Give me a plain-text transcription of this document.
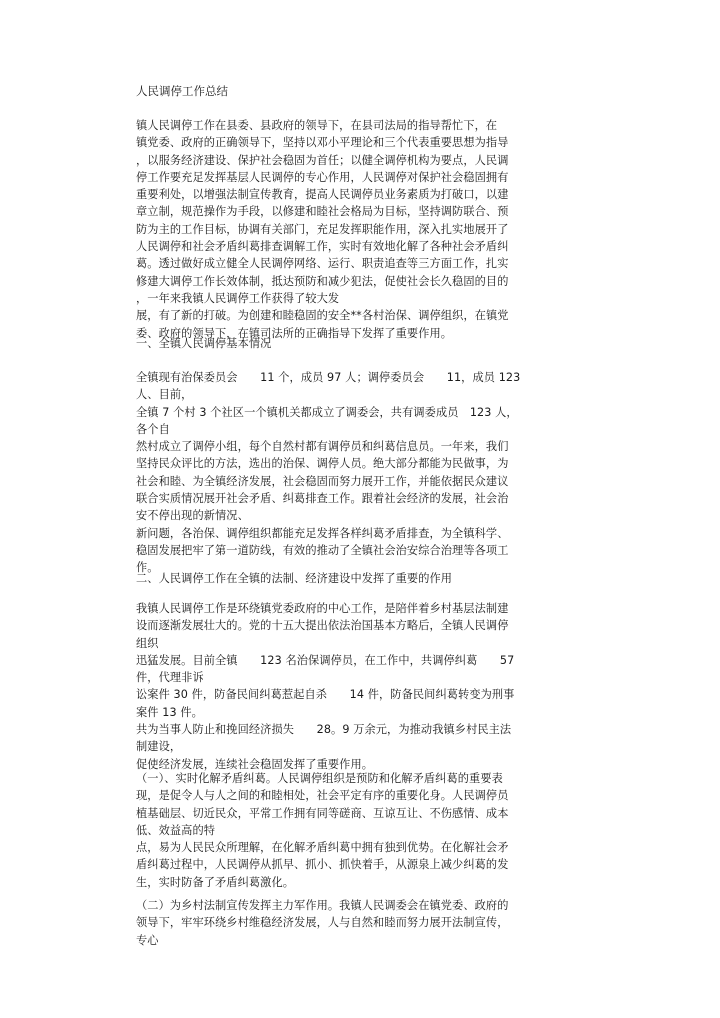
人民调停工作总结

镇人民调停工作在县委、县政府的领导下，在县司法局的指导帮忙下，在

镇党委、政府的正确领导下，坚持以邓小平理论和三个代表重要思想为指导

，以服务经济建设、保护社会稳固为首任；以健全调停机构为要点，人民调

停工作要充足发挥基层人民调停的专心作用，人民调停对保护社会稳固拥有

重要利处，以增强法制宣传教育，提高人民调停员业务素质为打破口，以建

章立制，规范操作为手段，以修建和睦社会格局为目标，坚持调防联合、预

防为主的工作目标，协调有关部门，充足发挥职能作用，深入扎实地展开了

人民调停和社会矛盾纠葛排查调解工作，实时有效地化解了各种社会矛盾纠

葛。透过做好成立健全人民调停网络、运行、职责追查等三方面工作，扎实

修建大调停工作长效体制，抵达预防和减少犯法，促使社会长久稳固的目的

，一年来我镇人民调停工作获得了较大发

展，有了新的打破。为创建和睦稳固的安全**各村治保、调停组织，在镇党

委、政府的领导下，在镇司法所的正确指导下发挥了重要作用。

一、全镇人民调停基本情况

全镇现有治保委员会　　11 个，成员 97 人；调停委员会　　11，成员 123

人、目前，

全镇 7 个村 3 个社区一个镇机关都成立了调委会，共有调委成员　123 人，

各个自

然村成立了调停小组，每个自然村都有调停员和纠葛信息员。一年来，我们

坚持民众评比的方法，选出的治保、调停人员。绝大部分都能为民做事，为

社会和睦、为全镇经济发展，社会稳固而努力展开工作，并能依据民众建议

联合实质情况展开社会矛盾、纠葛排查工作。跟着社会经济的发展，社会治

安不停出现的新情况、

新问题，各治保、调停组织都能充足发挥各样纠葛矛盾排查，为全镇科学、

稳固发展把牢了第一道防线，有效的推动了全镇社会治安综合治理等各项工

作。

二、人民调停工作在全镇的法制、经济建设中发挥了重要的作用

我镇人民调停工作是环绕镇党委政府的中心工作，是陪伴着乡村基层法制建

设而逐渐发展壮大的。党的十五大提出依法治国基本方略后，全镇人民调停

组织

迅猛发展。目前全镇　　123 名治保调停员，在工作中，共调停纠葛　　57

件，代理非诉

讼案件 30 件，防备民间纠葛惹起自杀　　14 件，防备民间纠葛转变为刑事

案件 13 件。

共为当事人防止和挽回经济损失　　28。9 万余元，为推动我镇乡村民主法

制建设，

促使经济发展，连续社会稳固发挥了重要作用。

（一）、实时化解矛盾纠葛。人民调停组织是预防和化解矛盾纠葛的重要表

现，是促令人与人之间的和睦相处，社会平定有序的重要化身。人民调停员

植基础层、切近民众，平常工作拥有同等磋商、互谅互让、不伤感情、成本

低、效益高的特

点，易为人民民众所理解，在化解矛盾纠葛中拥有独到优势。在化解社会矛

盾纠葛过程中，人民调停从抓早、抓小、抓快着手，从源泉上减少纠葛的发

生，实时防备了矛盾纠葛激化。

（二）为乡村法制宣传发挥主力军作用。我镇人民调委会在镇党委、政府的

领导下，牢牢环绕乡村维稳经济发展，人与自然和睦而努力展开法制宣传，

专心
